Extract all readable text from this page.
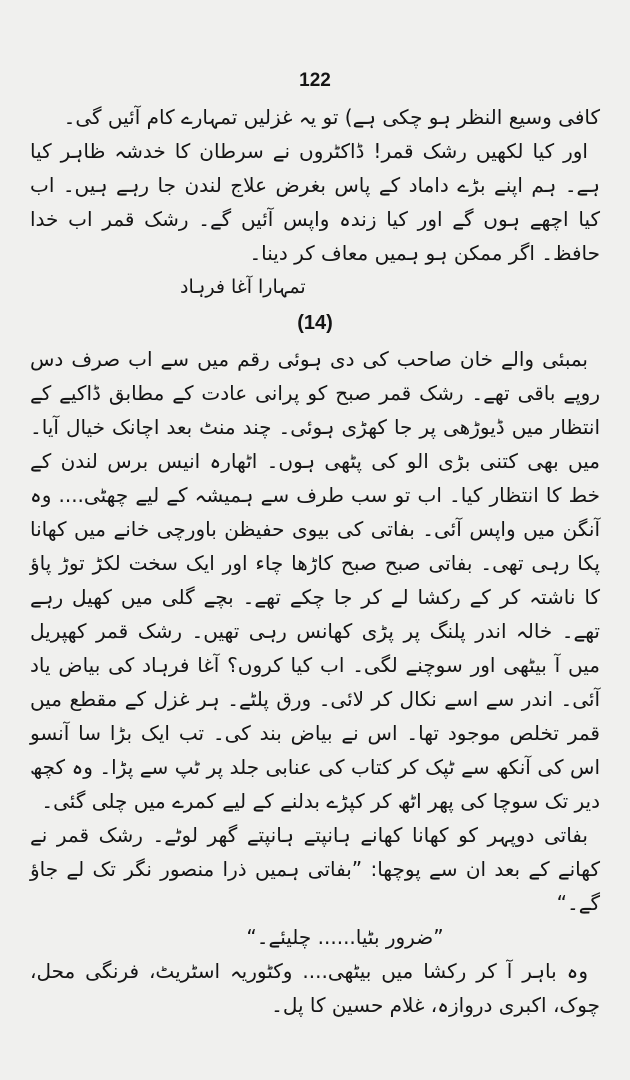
122

کافی وسیع النظر ہو چکی ہے) تو یہ غزلیں تمہارے کام آئیں گی۔

اور کیا لکھیں رشک قمر! ڈاکٹروں نے سرطان کا خدشہ ظاہر کیا ہے۔ ہم اپنے بڑے داماد کے پاس بغرض علاج لندن جا رہے ہیں۔ اب کیا اچھے ہوں گے اور کیا زندہ واپس آئیں گے۔ رشک قمر اب خدا حافظ۔ اگر ممکن ہو ہمیں معاف کر دینا۔

تمہارا آغا فرہاد
(14)

بمبئی والے خان صاحب کی دی ہوئی رقم میں سے اب صرف دس روپے باقی تھے۔ رشک قمر صبح کو پرانی عادت کے مطابق ڈاکیے کے انتظار میں ڈیوڑھی پر جا کھڑی ہوئی۔ چند منٹ بعد اچانک خیال آیا۔ میں بھی کتنی بڑی الو کی پٹھی ہوں۔ اٹھارہ انیس برس لندن کے خط کا انتظار کیا۔ اب تو سب طرف سے ہمیشہ کے لیے چھٹی.... وہ آنگن میں واپس آئی۔ بفاتی کی بیوی حفیظن باورچی خانے میں کھانا پکا رہی تھی۔ بفاتی صبح صبح کاڑھا چاء اور ایک سخت لکڑ توڑ پاؤ کا ناشتہ کر کے رکشا لے کر جا چکے تھے۔ بچے گلی میں کھیل رہے تھے۔ خالہ اندر پلنگ پر پڑی کھانس رہی تھیں۔ رشک قمر کھپریل میں آ بیٹھی اور سوچنے لگی۔ اب کیا کروں؟ آغا فرہاد کی بیاض یاد آئی۔ اندر سے اسے نکال کر لائی۔ ورق پلٹے۔ ہر غزل کے مقطع میں قمر تخلص موجود تھا۔ اس نے بیاض بند کی۔ تب ایک بڑا سا آنسو اس کی آنکھ سے ٹپک کر کتاب کی عنابی جلد پر ٹپ سے پڑا۔ وہ کچھ دیر تک سوچا کی پھر اٹھ کر کپڑے بدلنے کے لیے کمرے میں چلی گئی۔

بفاتی دوپہر کو کھانا کھانے ہانپتے ہانپتے گھر لوٹے۔ رشک قمر نے کھانے کے بعد ان سے پوچھا: ”بفاتی ہمیں ذرا منصور نگر تک لے جاؤ گے۔“

”ضرور بٹیا...... چلیئے۔“

وہ باہر آ کر رکشا میں بیٹھی.... وکٹوریہ اسٹریٹ، فرنگی محل، چوک، اکبری دروازہ، غلام حسین کا پل۔
